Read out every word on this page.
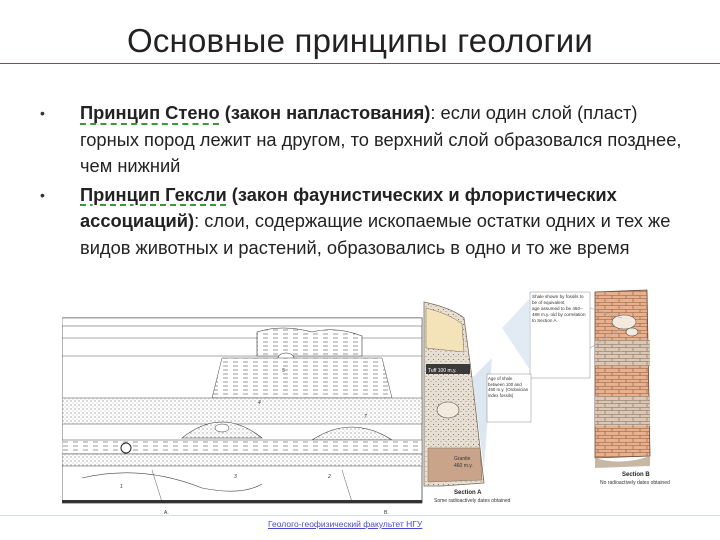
Основные принципы геологии
• Принцип Стено (закон напластования): если один слой (пласт) горных пород лежит на другом, то верхний слой образовался позднее, чем нижний
• Принцип Гексли (закон фаунистических и флористических ассоциаций): слои, содержащие ископаемые остатки одних и тех же видов животных и растений, образовались в одно и то же время
Section B
No radioactively dates obtained
Shale shown by fossils to be of equivalent age assumed to be 450–488 m.y. old by correlation to Section A
Tuff 100 m.y.
Granite
460 m.y.
Section A
Some radioactively dates obtained
Age of shale between 100 and 460 m.y. (Ordovician index fossils)
5
4
7
3	2
1
A.	B.
Геолого-геофизический факультет НГУ
